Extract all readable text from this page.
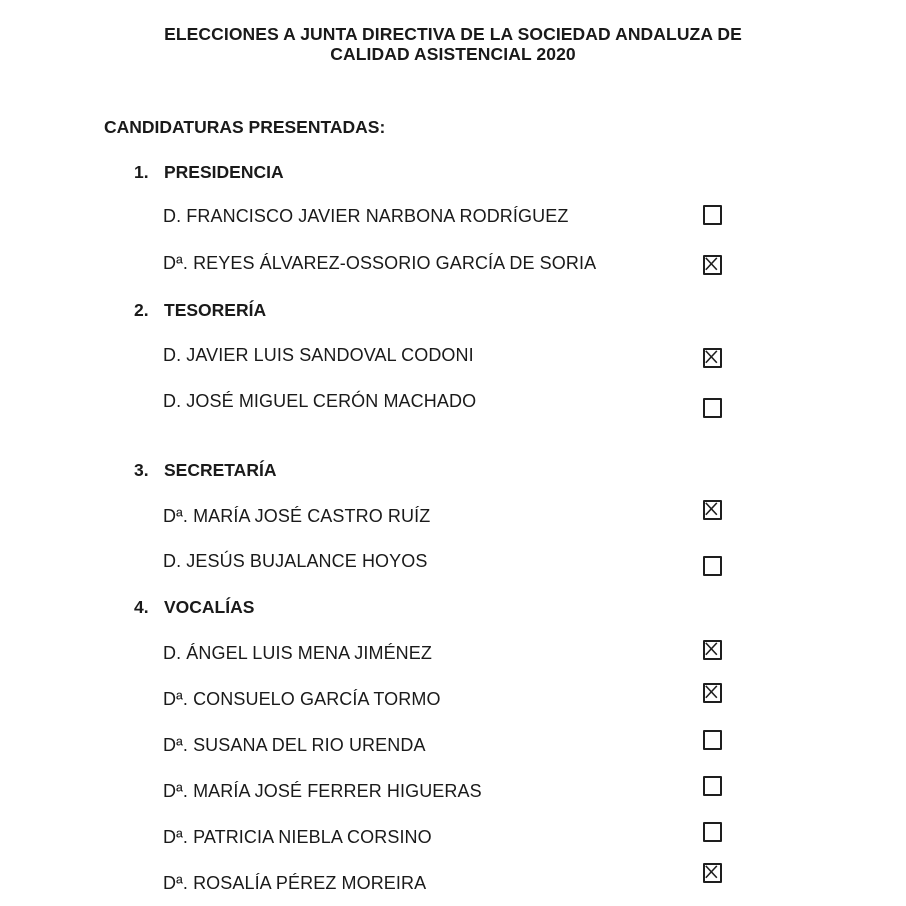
ELECCIONES A JUNTA DIRECTIVA DE LA SOCIEDAD ANDALUZA DE
CALIDAD ASISTENCIAL 2020
CANDIDATURAS PRESENTADAS:
1. PRESIDENCIA
D. FRANCISCO JAVIER NARBONA RODRÍGUEZ
Dª. REYES ÁLVAREZ-OSSORIO GARCÍA DE SORIA
2. TESORERÍA
D. JAVIER LUIS SANDOVAL CODONI
D. JOSÉ MIGUEL CERÓN MACHADO
3. SECRETARÍA
Dª. MARÍA JOSÉ CASTRO RUÍZ
D. JESÚS BUJALANCE HOYOS
4. VOCALÍAS
D. ÁNGEL LUIS MENA JIMÉNEZ
Dª. CONSUELO GARCÍA TORMO
Dª. SUSANA DEL RIO URENDA
Dª. MARÍA JOSÉ FERRER HIGUERAS
Dª. PATRICIA NIEBLA CORSINO
Dª. ROSALÍA PÉREZ MOREIRA
